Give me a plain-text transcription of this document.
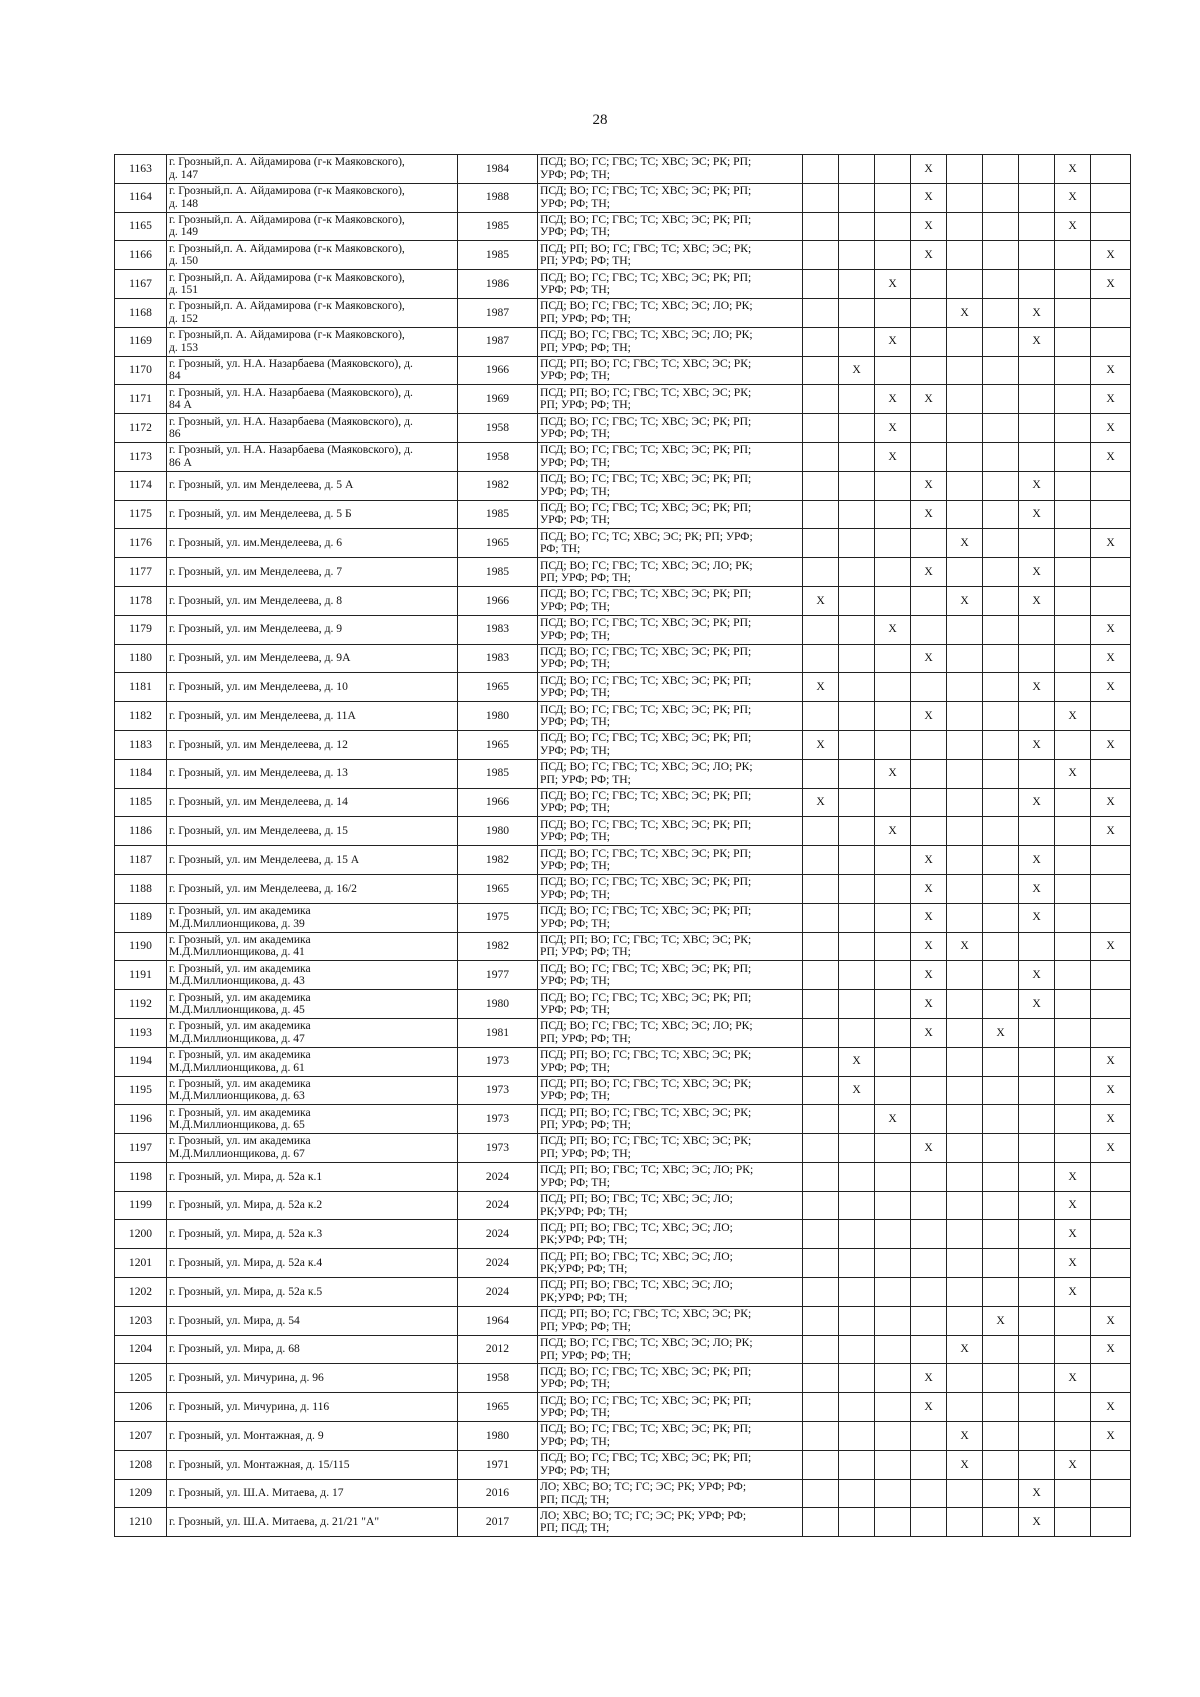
28
1163	г. Грозный,п. А. Айдамирова (г-к Маяковского),
д. 147	1984	ПСД; ВО; ГС; ГВС; ТС; ХВС; ЭС; РК; РП;
УРФ; РФ; ТН;				X				X	
1164	г. Грозный,п. А. Айдамирова (г-к Маяковского),
д. 148	1988	ПСД; ВО; ГС; ГВС; ТС; ХВС; ЭС; РК; РП;
УРФ; РФ; ТН;				X				X	
1165	г. Грозный,п. А. Айдамирова (г-к Маяковского),
д. 149	1985	ПСД; ВО; ГС; ГВС; ТС; ХВС; ЭС; РК; РП;
УРФ; РФ; ТН;				X				X	
1166	г. Грозный,п. А. Айдамирова (г-к Маяковского),
д. 150	1985	ПСД; РП; ВО; ГС; ГВС; ТС; ХВС; ЭС; РК;
РП; УРФ; РФ; ТН;				X					X
1167	г. Грозный,п. А. Айдамирова (г-к Маяковского),
д. 151	1986	ПСД; ВО; ГС; ГВС; ТС; ХВС; ЭС; РК; РП;
УРФ; РФ; ТН;			X						X
1168	г. Грозный,п. А. Айдамирова (г-к Маяковского),
д. 152	1987	ПСД; ВО; ГС; ГВС; ТС; ХВС; ЭС; ЛО; РК;
РП; УРФ; РФ; ТН;					X		X		
1169	г. Грозный,п. А. Айдамирова (г-к Маяковского),
д. 153	1987	ПСД; ВО; ГС; ГВС; ТС; ХВС; ЭС; ЛО; РК;
РП; УРФ; РФ; ТН;			X				X		
1170	г. Грозный, ул. Н.А. Назарбаева (Маяковского), д.
84	1966	ПСД; РП; ВО; ГС; ГВС; ТС; ХВС; ЭС; РК;
УРФ; РФ; ТН;		X							X
1171	г. Грозный, ул. Н.А. Назарбаева (Маяковского), д.
84 А	1969	ПСД; РП; ВО; ГС; ГВС; ТС; ХВС; ЭС; РК;
РП; УРФ; РФ; ТН;			X	X					X
1172	г. Грозный, ул. Н.А. Назарбаева (Маяковского), д.
86	1958	ПСД; ВО; ГС; ГВС; ТС; ХВС; ЭС; РК; РП;
УРФ; РФ; ТН;			X						X
1173	г. Грозный, ул. Н.А. Назарбаева (Маяковского), д.
86 А	1958	ПСД; ВО; ГС; ГВС; ТС; ХВС; ЭС; РК; РП;
УРФ; РФ; ТН;			X						X
1174	г. Грозный, ул. им Менделеева, д. 5 А	1982	ПСД; ВО; ГС; ГВС; ТС; ХВС; ЭС; РК; РП;
УРФ; РФ; ТН;				X			X		
1175	г. Грозный, ул. им Менделеева, д. 5 Б	1985	ПСД; ВО; ГС; ГВС; ТС; ХВС; ЭС; РК; РП;
УРФ; РФ; ТН;				X			X		
1176	г. Грозный, ул. им.Менделеева, д. 6	1965	ПСД; ВО; ГС; ТС; ХВС; ЭС; РК; РП; УРФ;
РФ; ТН;					X				X
1177	г. Грозный, ул. им Менделеева, д. 7	1985	ПСД; ВО; ГС; ГВС; ТС; ХВС; ЭС; ЛО; РК;
РП; УРФ; РФ; ТН;				X			X		
1178	г. Грозный, ул. им Менделеева, д. 8	1966	ПСД; ВО; ГС; ГВС; ТС; ХВС; ЭС; РК; РП;
УРФ; РФ; ТН;	X				X		X		
1179	г. Грозный, ул. им Менделеева, д. 9	1983	ПСД; ВО; ГС; ГВС; ТС; ХВС; ЭС; РК; РП;
УРФ; РФ; ТН;			X						X
1180	г. Грозный, ул. им Менделеева, д. 9А	1983	ПСД; ВО; ГС; ГВС; ТС; ХВС; ЭС; РК; РП;
УРФ; РФ; ТН;				X					X
1181	г. Грозный, ул. им Менделеева, д. 10	1965	ПСД; ВО; ГС; ГВС; ТС; ХВС; ЭС; РК; РП;
УРФ; РФ; ТН;	X						X		X
1182	г. Грозный, ул. им Менделеева, д. 11А	1980	ПСД; ВО; ГС; ГВС; ТС; ХВС; ЭС; РК; РП;
УРФ; РФ; ТН;				X				X	
1183	г. Грозный, ул. им Менделеева, д. 12	1965	ПСД; ВО; ГС; ГВС; ТС; ХВС; ЭС; РК; РП;
УРФ; РФ; ТН;	X						X		X
1184	г. Грозный, ул. им Менделеева, д. 13	1985	ПСД; ВО; ГС; ГВС; ТС; ХВС; ЭС; ЛО; РК;
РП; УРФ; РФ; ТН;			X					X	
1185	г. Грозный, ул. им Менделеева, д. 14	1966	ПСД; ВО; ГС; ГВС; ТС; ХВС; ЭС; РК; РП;
УРФ; РФ; ТН;	X						X		X
1186	г. Грозный, ул. им Менделеева, д. 15	1980	ПСД; ВО; ГС; ГВС; ТС; ХВС; ЭС; РК; РП;
УРФ; РФ; ТН;			X						X
1187	г. Грозный, ул. им Менделеева, д. 15 А	1982	ПСД; ВО; ГС; ГВС; ТС; ХВС; ЭС; РК; РП;
УРФ; РФ; ТН;				X			X		
1188	г. Грозный, ул. им Менделеева, д. 16/2	1965	ПСД; ВО; ГС; ГВС; ТС; ХВС; ЭС; РК; РП;
УРФ; РФ; ТН;				X			X		
1189	г. Грозный, ул. им академика
М.Д.Миллионщикова, д. 39	1975	ПСД; ВО; ГС; ГВС; ТС; ХВС; ЭС; РК; РП;
УРФ; РФ; ТН;				X			X		
1190	г. Грозный, ул. им академика
М.Д.Миллионщикова, д. 41	1982	ПСД; РП; ВО; ГС; ГВС; ТС; ХВС; ЭС; РК;
РП; УРФ; РФ; ТН;				X	X				X
1191	г. Грозный, ул. им академика
М.Д.Миллионщикова, д. 43	1977	ПСД; ВО; ГС; ГВС; ТС; ХВС; ЭС; РК; РП;
УРФ; РФ; ТН;				X			X		
1192	г. Грозный, ул. им академика
М.Д.Миллионщикова, д. 45	1980	ПСД; ВО; ГС; ГВС; ТС; ХВС; ЭС; РК; РП;
УРФ; РФ; ТН;				X			X		
1193	г. Грозный, ул. им академика
М.Д.Миллионщикова, д. 47	1981	ПСД; ВО; ГС; ГВС; ТС; ХВС; ЭС; ЛО; РК;
РП; УРФ; РФ; ТН;				X		X			
1194	г. Грозный, ул. им академика
М.Д.Миллионщикова, д. 61	1973	ПСД; РП; ВО; ГС; ГВС; ТС; ХВС; ЭС; РК;
УРФ; РФ; ТН;		X							X
1195	г. Грозный, ул. им академика
М.Д.Миллионщикова, д. 63	1973	ПСД; РП; ВО; ГС; ГВС; ТС; ХВС; ЭС; РК;
УРФ; РФ; ТН;		X							X
1196	г. Грозный, ул. им академика
М.Д.Миллионщикова, д. 65	1973	ПСД; РП; ВО; ГС; ГВС; ТС; ХВС; ЭС; РК;
РП; УРФ; РФ; ТН;			X						X
1197	г. Грозный, ул. им академика
М.Д.Миллионщикова, д. 67	1973	ПСД; РП; ВО; ГС; ГВС; ТС; ХВС; ЭС; РК;
РП; УРФ; РФ; ТН;				X					X
1198	г. Грозный, ул. Мира, д. 52а к.1	2024	ПСД; РП; ВО; ГВС; ТС; ХВС; ЭС; ЛО; РК;
УРФ; РФ; ТН;								X	
1199	г. Грозный, ул. Мира, д. 52а к.2	2024	ПСД; РП; ВО; ГВС; ТС; ХВС; ЭС; ЛО;
РК;УРФ; РФ; ТН;								X	
1200	г. Грозный, ул. Мира, д. 52а к.3	2024	ПСД; РП; ВО; ГВС; ТС; ХВС; ЭС; ЛО;
РК;УРФ; РФ; ТН;								X	
1201	г. Грозный, ул. Мира, д. 52а к.4	2024	ПСД; РП; ВО; ГВС; ТС; ХВС; ЭС; ЛО;
РК;УРФ; РФ; ТН;								X	
1202	г. Грозный, ул. Мира, д. 52а к.5	2024	ПСД; РП; ВО; ГВС; ТС; ХВС; ЭС; ЛО;
РК;УРФ; РФ; ТН;								X	
1203	г. Грозный, ул. Мира, д. 54	1964	ПСД; РП; ВО; ГС; ГВС; ТС; ХВС; ЭС; РК;
РП; УРФ; РФ; ТН;						X			X
1204	г. Грозный, ул. Мира, д. 68	2012	ПСД; ВО; ГС; ГВС; ТС; ХВС; ЭС; ЛО; РК;
РП; УРФ; РФ; ТН;					X				X
1205	г. Грозный, ул. Мичурина, д. 96	1958	ПСД; ВО; ГС; ГВС; ТС; ХВС; ЭС; РК; РП;
УРФ; РФ; ТН;				X				X	
1206	г. Грозный, ул. Мичурина, д. 116	1965	ПСД; ВО; ГС; ГВС; ТС; ХВС; ЭС; РК; РП;
УРФ; РФ; ТН;				X					X
1207	г. Грозный, ул. Монтажная, д. 9	1980	ПСД; ВО; ГС; ГВС; ТС; ХВС; ЭС; РК; РП;
УРФ; РФ; ТН;					X				X
1208	г. Грозный, ул. Монтажная, д. 15/115	1971	ПСД; ВО; ГС; ГВС; ТС; ХВС; ЭС; РК; РП;
УРФ; РФ; ТН;					X			X	
1209	г. Грозный, ул. Ш.А. Митаева, д. 17	2016	ЛО; ХВС; ВО; ТС; ГС; ЭС; РК; УРФ; РФ;
РП; ПСД; ТН;							X		
1210	г. Грозный, ул. Ш.А. Митаева, д. 21/21 "А"	2017	ЛО; ХВС; ВО; ТС; ГС; ЭС; РК; УРФ; РФ;
РП; ПСД; ТН;							X		
